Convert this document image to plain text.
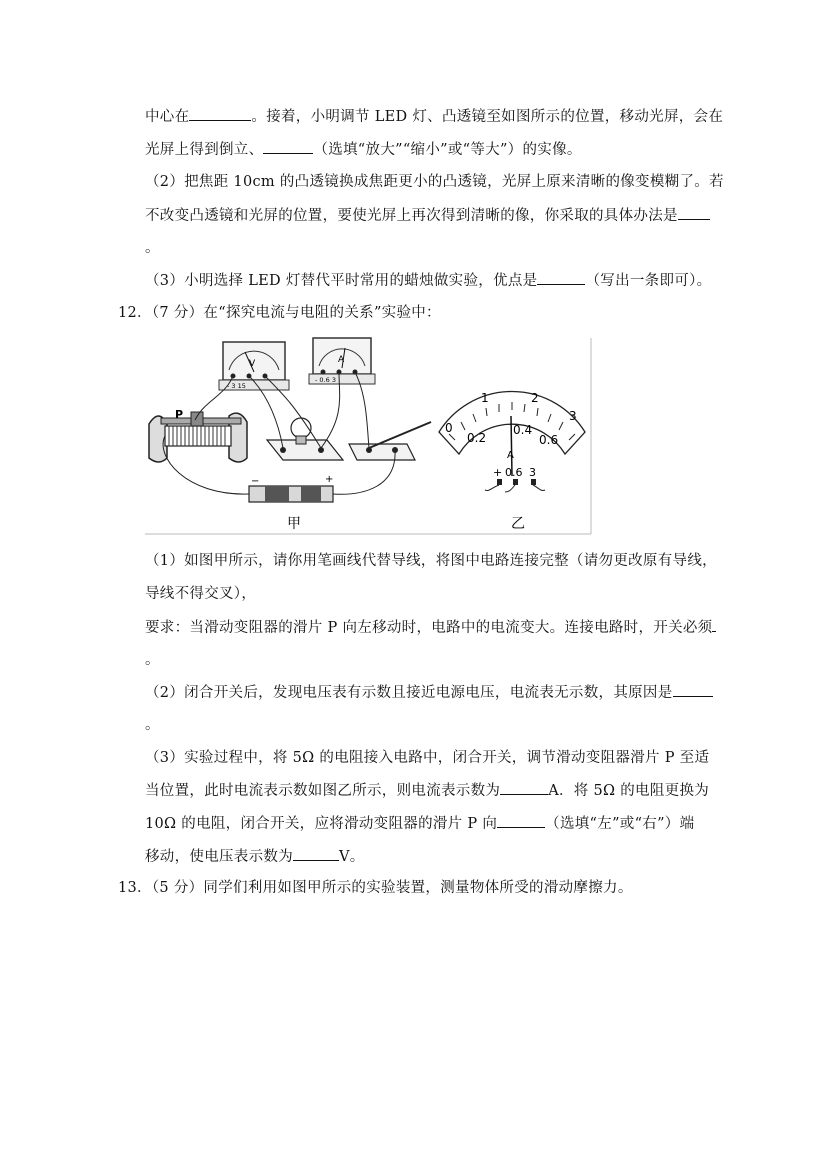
中心在	。接着，小明调节 LED 灯、凸透镜至如图所示的位置，移动光屏，会在
光屏上得到倒立、	（选填“放大”“缩小”或“等大”）的实像。
（2）把焦距 10cm 的凸透镜换成焦距更小的凸透镜，光屏上原来清晰的像变模糊了。若
不改变凸透镜和光屏的位置，要使光屏上再次得到清晰的像，你采取的具体办法是
。
（3）小明选择 LED 灯替代平时常用的蜡烛做实验，优点是	（写出一条即可）。
12．（7 分）在“探究电流与电阻的关系”实验中：
V
- 3 15
A
- 0.6 3
P
−	+
0
1	2
3
0.2
0.4
0.6
A
+ 0.6 3
甲	乙
（1）如图甲所示，请你用笔画线代替导线，将图中电路连接完整（请勿更改原有导线，
导线不得交叉），
要求：当滑动变阻器的滑片 P 向左移动时，电路中的电流变大。连接电路时，开关必须
。
（2）闭合开关后，发现电压表有示数且接近电源电压，电流表无示数，其原因是
。
（3）实验过程中，将 5Ω 的电阻接入电路中，闭合开关，调节滑动变阻器滑片 P 至适
当位置，此时电流表示数如图乙所示，则电流表示数为	A．将 5Ω 的电阻更换为
10Ω 的电阻，闭合开关，应将滑动变阻器的滑片 P 向	（选填“左”或“右”）端
移动，使电压表示数为	V。
13．（5 分）同学们利用如图甲所示的实验装置，测量物体所受的滑动摩擦力。
